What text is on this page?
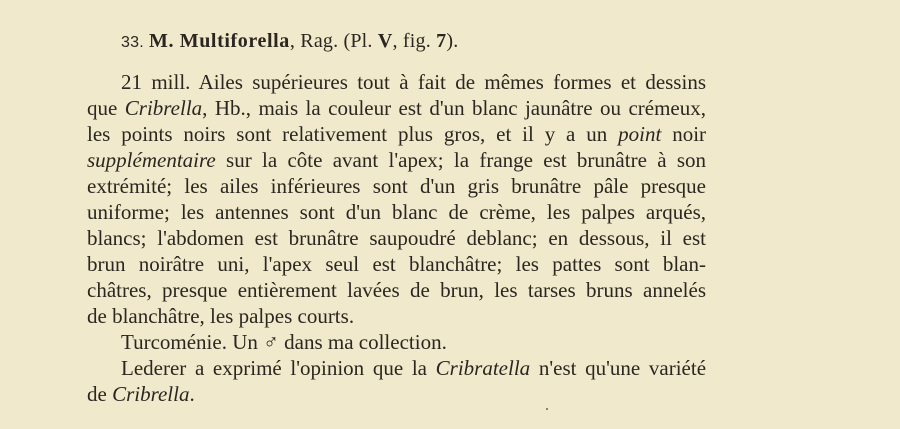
33. M. Multiforella, Rag. (Pl. V, fig. 7).
21 mill. Ailes supérieures tout à fait de mêmes formes et dessins
que Cribrella, Hb., mais la couleur est d'un blanc jaunâtre ou crémeux,
les points noirs sont relativement plus gros, et il y a un point noir
supplémentaire sur la côte avant l'apex; la frange est brunâtre à son
extrémité; les ailes inférieures sont d'un gris brunâtre pâle presque
uniforme; les antennes sont d'un blanc de crème, les palpes arqués,
blancs; l'abdomen est brunâtre saupoudré deblanc; en dessous, il est
brun noirâtre uni, l'apex seul est blanchâtre; les pattes sont blan-
châtres, presque entièrement lavées de brun, les tarses bruns annelés
de blanchâtre, les palpes courts.
Turcoménie. Un ♂ dans ma collection.
Lederer a exprimé l'opinion que la Cribratella n'est qu'une variété
de Cribrella.
